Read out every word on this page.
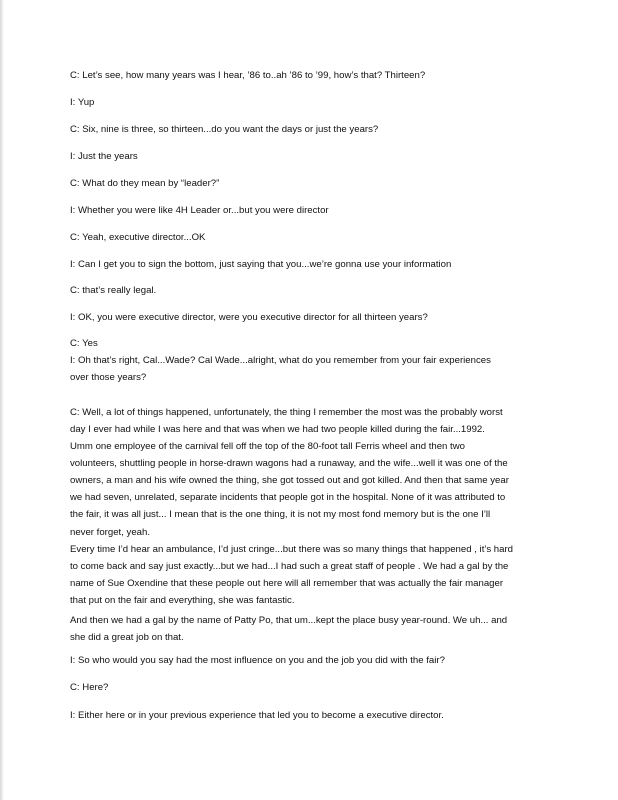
C: Let’s see, how many years was I hear, ’86 to..ah ’86 to ’99, how’s that? Thirteen?

I: Yup

C: Six, nine is three, so thirteen...do you want the days or just the years?

I: Just the years

C: What do they mean by “leader?”

I: Whether you were like 4H Leader or...but you were director

C: Yeah, executive director...OK

I: Can I get you to sign the bottom, just saying that you...we’re gonna use your information

C: that’s really legal.

I: OK, you were executive director, were you executive director for all thirteen years?

C: Yes

I: Oh that’s right, Cal...Wade? Cal Wade...alright, what do you remember from your fair experiences

over those years?

C: Well, a lot of things happened, unfortunately, the thing I remember the most was the probably worst

day I ever had while I was here and that was when we had two people killed during the fair...1992.

Umm one employee of the carnival fell off the top of the 80-foot tall Ferris wheel and then two

volunteers, shuttling people in horse-drawn wagons had a runaway, and the wife...well it was one of the

owners, a man and his wife owned the thing, she got tossed out and got killed. And then that same year

we had seven, unrelated, separate incidents that people got in the hospital. None of it was attributed to

the fair, it was all just... I mean that is the one thing, it is not my most fond memory but is the one I’ll

never forget, yeah.

Every time I’d hear an ambulance, I’d just cringe...but there was so many things that happened , it’s hard

to come back and say just exactly...but we had...I had such a great staff of people . We had a gal by the

name of Sue Oxendine that these people out here will all remember that was actually the fair manager

that put on the fair and everything, she was fantastic.

And then we had a gal by the name of Patty Po, that um...kept the place busy year-round. We uh... and

she did a great job on that.

I: So who would you say had the most influence on you and the job you did with the fair?

C: Here?

I: Either here or in your previous experience that led you to become a executive director.
